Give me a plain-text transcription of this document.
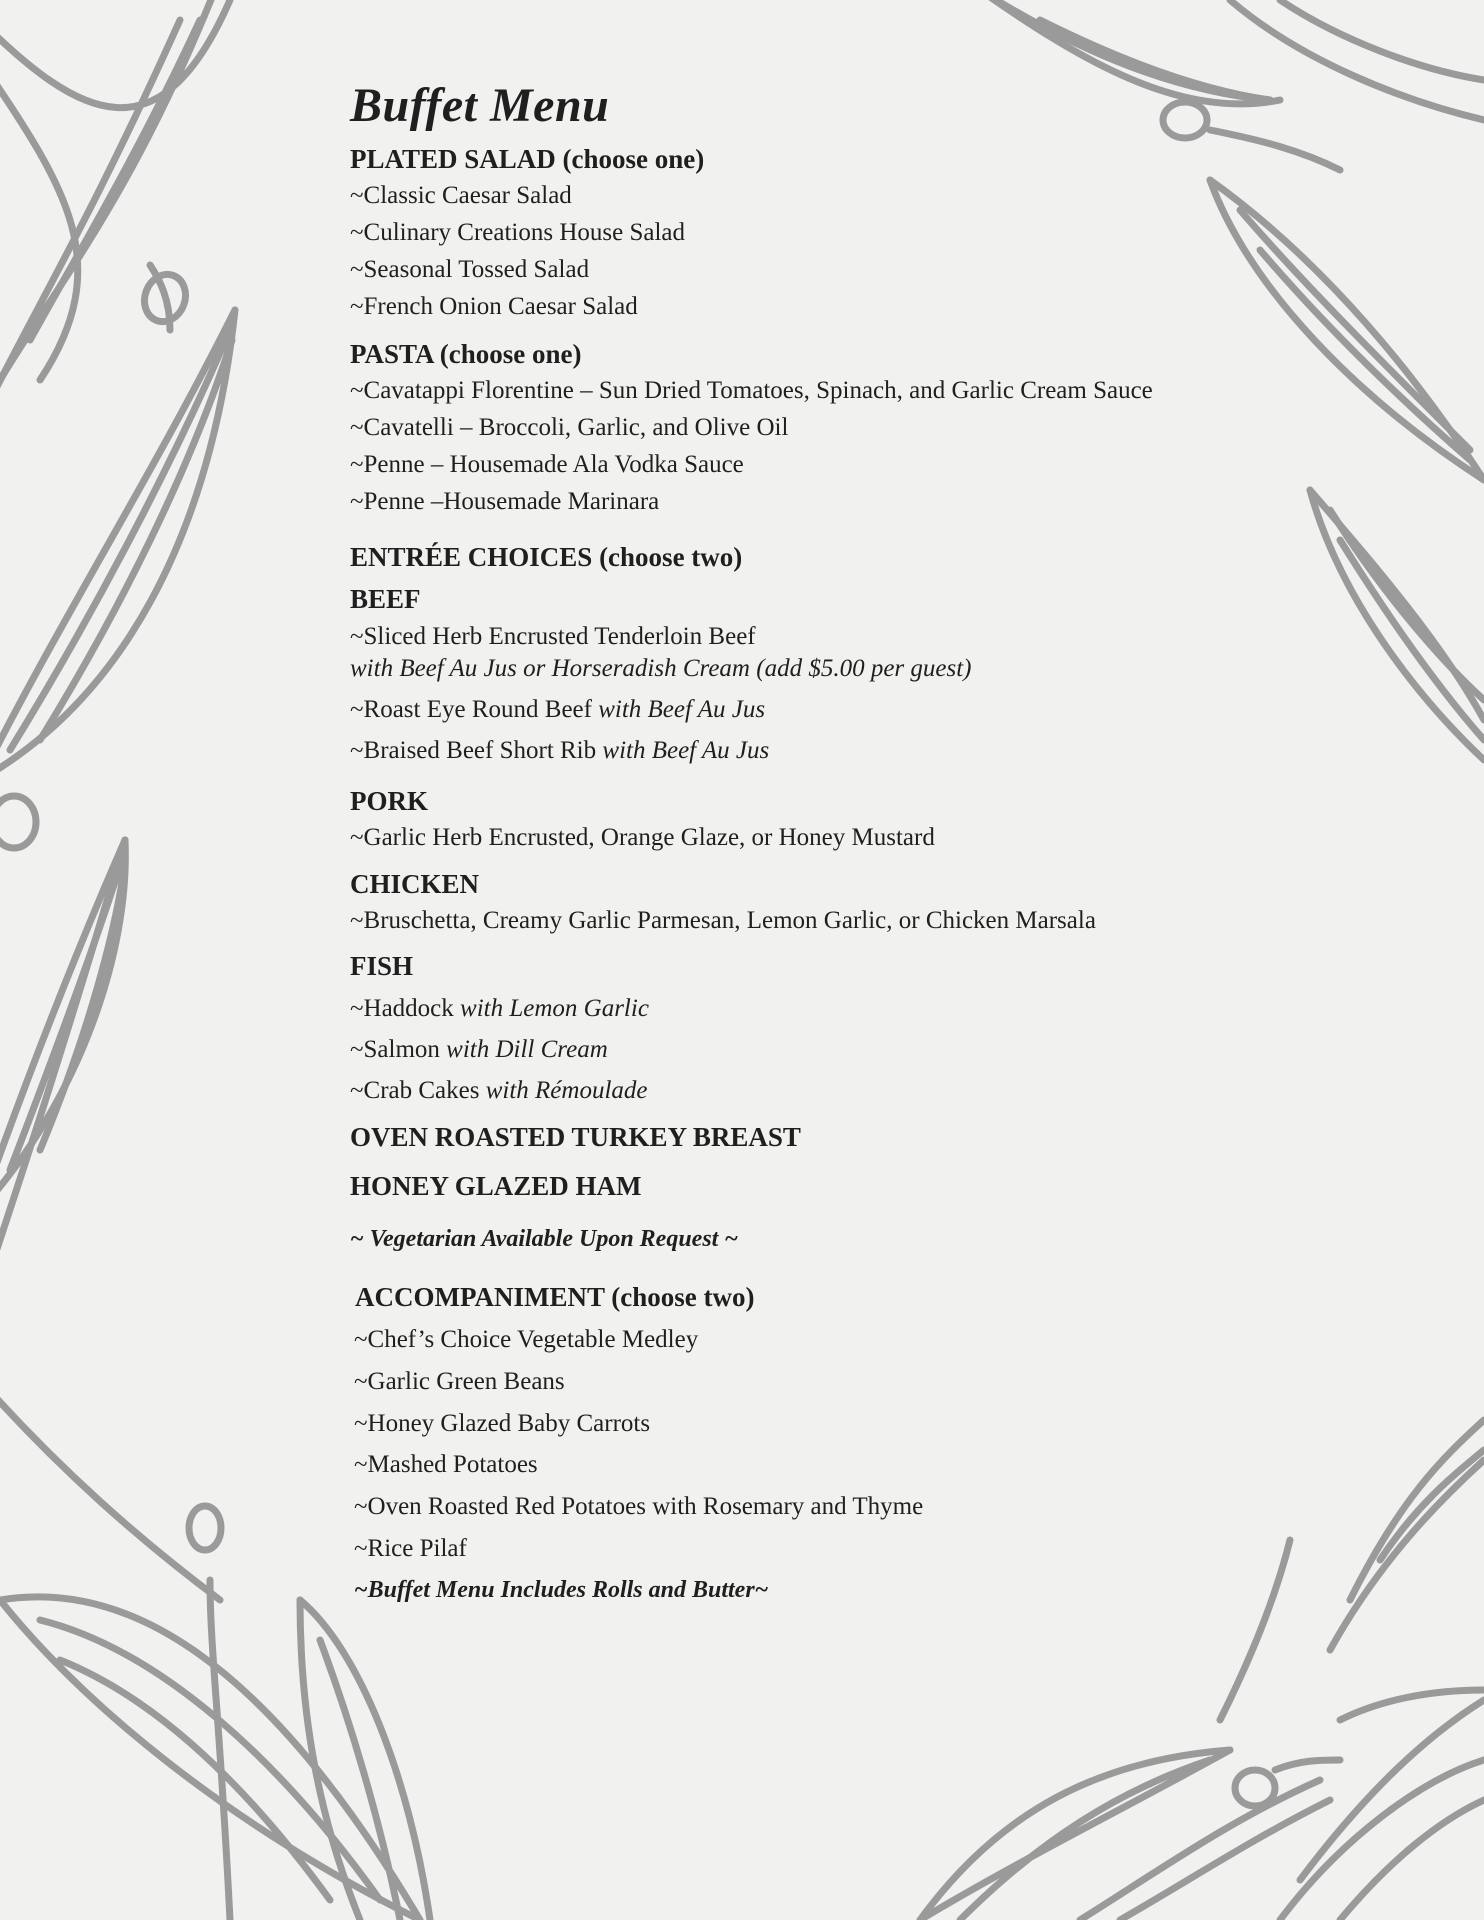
Buffet Menu

PLATED SALAD (choose one)

~Classic Caesar Salad

~Culinary Creations House Salad

~Seasonal Tossed Salad

~French Onion Caesar Salad

PASTA (choose one)

~Cavatappi Florentine – Sun Dried Tomatoes, Spinach, and Garlic Cream Sauce

~Cavatelli – Broccoli, Garlic, and Olive Oil

~Penne – Housemade Ala Vodka Sauce

~Penne –Housemade Marinara

ENTRÉE CHOICES (choose two)

BEEF

~Sliced Herb Encrusted Tenderloin Beef

with Beef Au Jus or Horseradish Cream (add $5.00 per guest)

~Roast Eye Round Beef with Beef Au Jus

~Braised Beef Short Rib with Beef Au Jus

PORK

~Garlic Herb Encrusted, Orange Glaze, or Honey Mustard

CHICKEN

~Bruschetta, Creamy Garlic Parmesan, Lemon Garlic, or Chicken Marsala

FISH

~Haddock with Lemon Garlic

~Salmon with Dill Cream

~Crab Cakes with Rémoulade

OVEN ROASTED TURKEY BREAST

HONEY GLAZED HAM

~ Vegetarian Available Upon Request ~

ACCOMPANIMENT (choose two)

~Chef’s Choice Vegetable Medley

~Garlic Green Beans

~Honey Glazed Baby Carrots

~Mashed Potatoes

~Oven Roasted Red Potatoes with Rosemary and Thyme

~Rice Pilaf

~Buffet Menu Includes Rolls and Butter~
